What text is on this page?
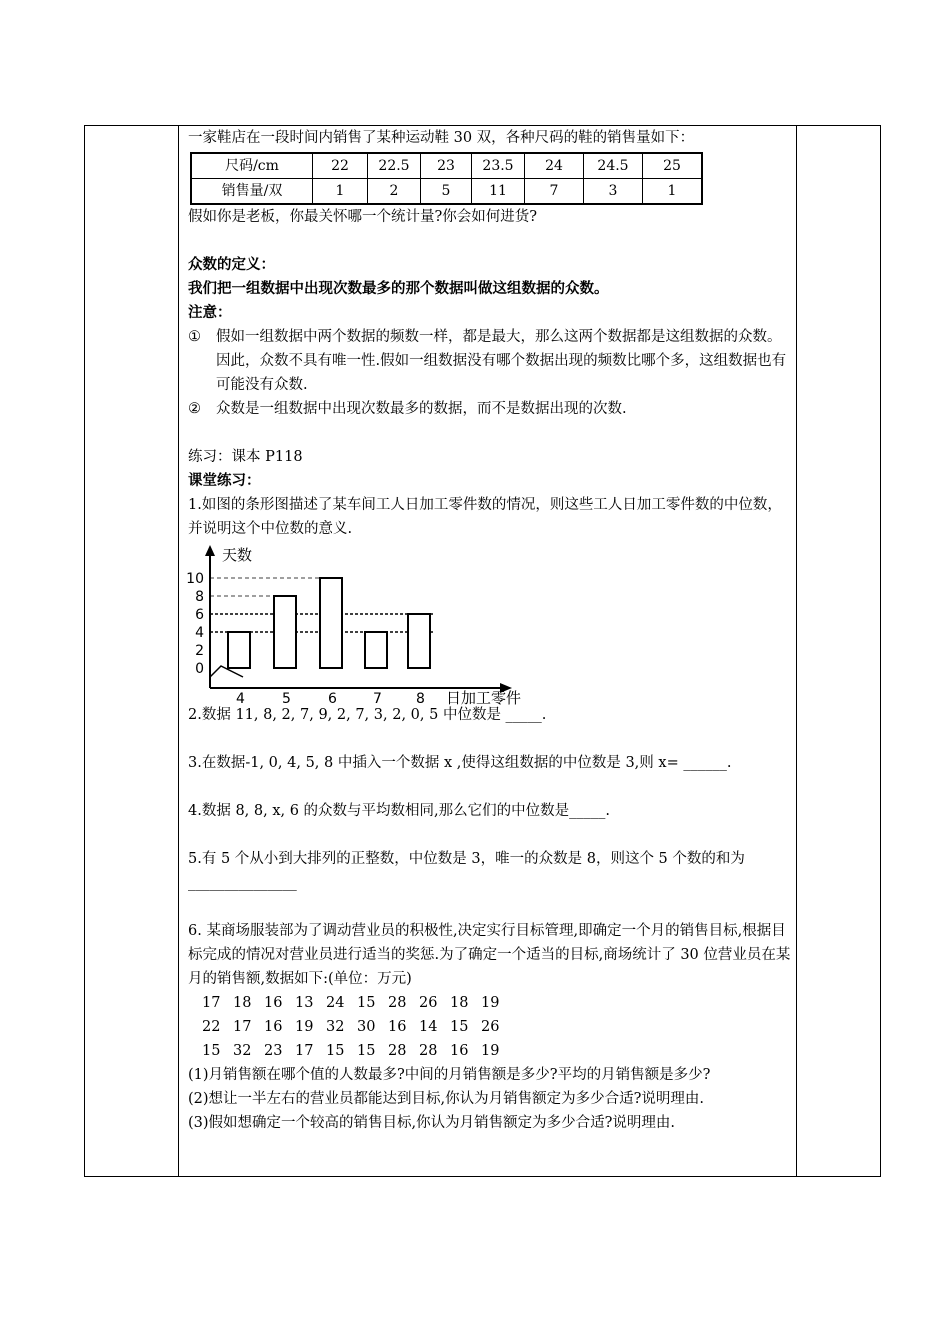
一家鞋店在一段时间内销售了某种运动鞋 30 双，各种尺码的鞋的销售量如下：
尺码/cm	22	22.5	23	23.5	24	24.5	25
销售量/双	1	2	5	11	7	3	1
假如你是老板，你最关怀哪一个统计量?你会如何进货?
众数的定义：
我们把一组数据中出现次数最多的那个数据叫做这组数据的众数。
注意：
①	假如一组数据中两个数据的频数一样，都是最大，那么这两个数据都是这组数据的众数。因此，众数不具有唯一性.假如一组数据没有哪个数据出现的频数比哪个多，这组数据也有可能没有众数.
②	众数是一组数据中出现次数最多的数据，而不是数据出现的次数.
练习：课本 P118
课堂练习：
1.如图的条形图描述了某车间工人日加工零件数的情况，则这些工人日加工零件数的中位数，并说明这个中位数的意义.
天数
日加工零件
0
2
4
6
8
10
4	5	6	7 8
2.数据 11, 8, 2, 7, 9, 2, 7, 3, 2, 0, 5 中位数是 _____.
3.在数据-1, 0, 4, 5, 8 中插入一个数据 x ,使得这组数据的中位数是 3,则 x= ______.
4.数据 8, 8, x, 6 的众数与平均数相同,那么它们的中位数是_____.
5.有 5 个从小到大排列的正整数，中位数是 3，唯一的众数是 8，则这个 5 个数的和为_______________
6. 某商场服装部为了调动营业员的积极性,决定实行目标管理,即确定一个月的销售目标,根据目标完成的情况对营业员进行适当的奖惩.为了确定一个适当的目标,商场统计了 30 位营业员在某月的销售额,数据如下:(单位：万元)
17 18 16 13 24 15 28 26 18 19
22 17 16 19 32 30 16 14 15 26
15 32 23 17 15 15 28 28 16 19
(1)月销售额在哪个值的人数最多?中间的月销售额是多少?平均的月销售额是多少?
(2)想让一半左右的营业员都能达到目标,你认为月销售额定为多少合适?说明理由.
(3)假如想确定一个较高的销售目标,你认为月销售额定为多少合适?说明理由.
